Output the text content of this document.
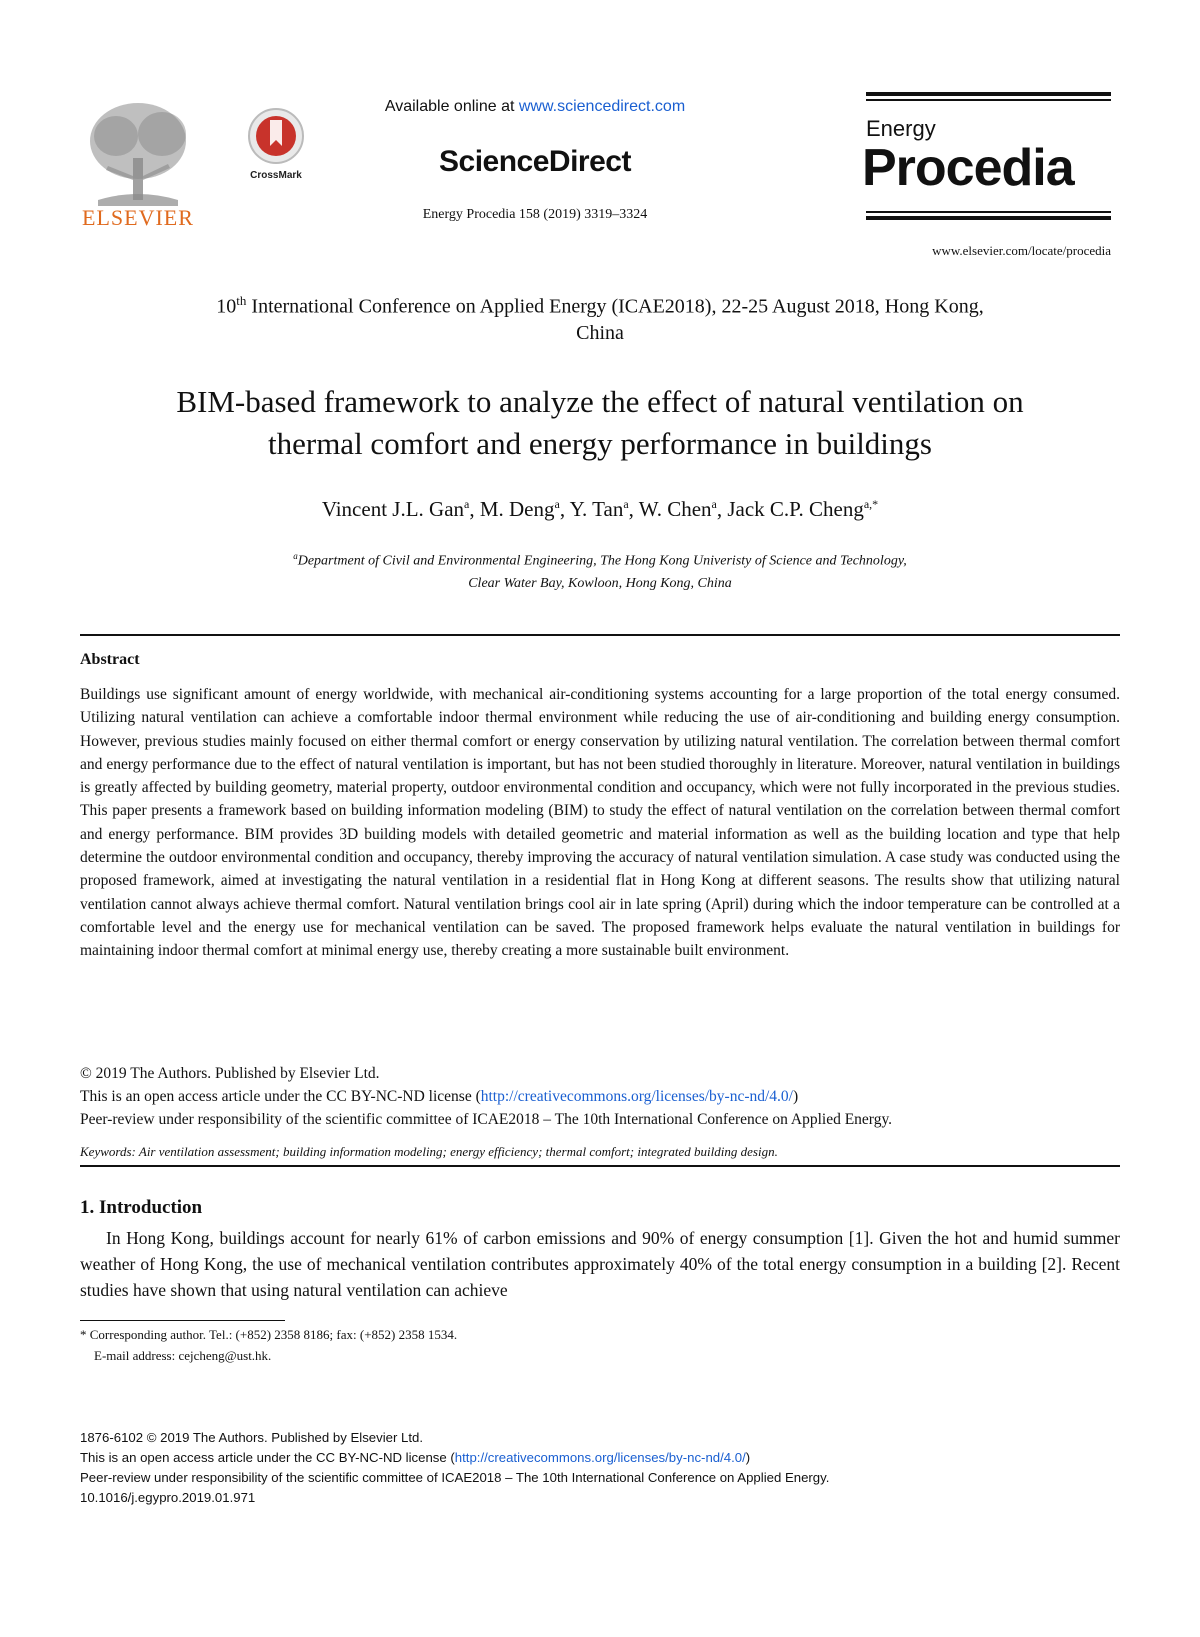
ELSEVIER
CrossMark
Available online at www.sciencedirect.com
ScienceDirect
Energy Procedia 158 (2019) 3319–3324
Energy
Procedia
www.elsevier.com/locate/procedia
10th International Conference on Applied Energy (ICAE2018), 22-25 August 2018, Hong Kong,
China
BIM-based framework to analyze the effect of natural ventilation on
thermal comfort and energy performance in buildings
Vincent J.L. Gan$^a$, M. Deng$^a$, Y. Tan$^a$, W. Chen$^a$, Jack C.P. Cheng$^{a,*}$
$^a$Department of Civil and Environmental Engineering, The Hong Kong Univeristy of Science and Technology,
Clear Water Bay, Kowloon, Hong Kong, China
Abstract
Buildings use significant amount of energy worldwide, with mechanical air-conditioning systems accounting for a large proportion of the total energy consumed. Utilizing natural ventilation can achieve a comfortable indoor thermal environment while reducing the use of air-conditioning and building energy consumption. However, previous studies mainly focused on either thermal comfort or energy conservation by utilizing natural ventilation. The correlation between thermal comfort and energy performance due to the effect of natural ventilation is important, but has not been studied thoroughly in literature. Moreover, natural ventilation in buildings is greatly affected by building geometry, material property, outdoor environmental condition and occupancy, which were not fully incorporated in the previous studies. This paper presents a framework based on building information modeling (BIM) to study the effect of natural ventilation on the correlation between thermal comfort and energy performance. BIM provides 3D building models with detailed geometric and material information as well as the building location and type that help determine the outdoor environmental condition and occupancy, thereby improving the accuracy of natural ventilation simulation. A case study was conducted using the proposed framework, aimed at investigating the natural ventilation in a residential flat in Hong Kong at different seasons. The results show that utilizing natural ventilation cannot always achieve thermal comfort. Natural ventilation brings cool air in late spring (April) during which the indoor temperature can be controlled at a comfortable level and the energy use for mechanical ventilation can be saved. The proposed framework helps evaluate the natural ventilation in buildings for maintaining indoor thermal comfort at minimal energy use, thereby creating a more sustainable built environment.
© 2019 The Authors. Published by Elsevier Ltd.
This is an open access article under the CC BY-NC-ND license (http://creativecommons.org/licenses/by-nc-nd/4.0/)
Peer-review under responsibility of the scientific committee of ICAE2018 – The 10th International Conference on Applied Energy.
Keywords: Air ventilation assessment; building information modeling; energy efficiency; thermal comfort; integrated building design.
1. Introduction
In Hong Kong, buildings account for nearly 61% of carbon emissions and 90% of energy consumption [1]. Given the hot and humid summer weather of Hong Kong, the use of mechanical ventilation contributes approximately 40% of the total energy consumption in a building [2]. Recent studies have shown that using natural ventilation can achieve
* Corresponding author. Tel.: (+852) 2358 8186; fax: (+852) 2358 1534.
E-mail address: cejcheng@ust.hk.
1876-6102 © 2019 The Authors. Published by Elsevier Ltd.
This is an open access article under the CC BY-NC-ND license (http://creativecommons.org/licenses/by-nc-nd/4.0/)
Peer-review under responsibility of the scientific committee of ICAE2018 – The 10th International Conference on Applied Energy.
10.1016/j.egypro.2019.01.971
